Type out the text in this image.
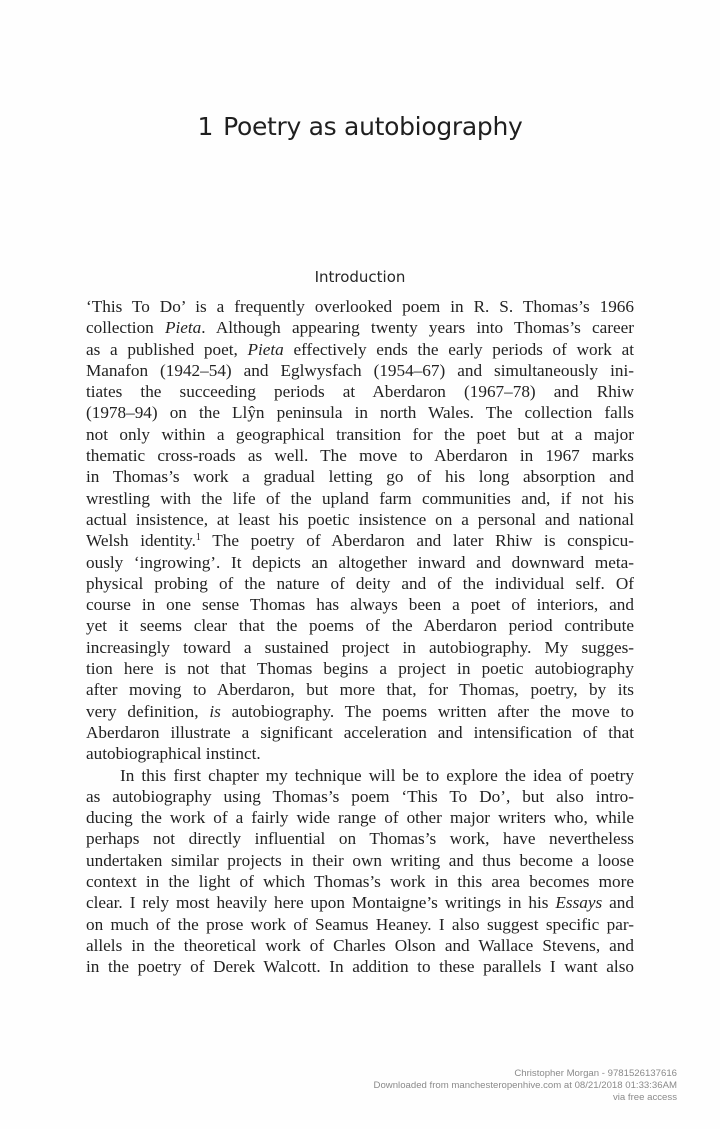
1 Poetry as autobiography
Introduction
‘This To Do’ is a frequently overlooked poem in R. S. Thomas’s 1966
collection Pieta. Although appearing twenty years into Thomas’s career
as a published poet, Pieta effectively ends the early periods of work at
Manafon (1942–54) and Eglwysfach (1954–67) and simultaneously ini-
tiates the succeeding periods at Aberdaron (1967–78) and Rhiw
(1978–94) on the Llŷn peninsula in north Wales. The collection falls
not only within a geographical transition for the poet but at a major
thematic cross-roads as well. The move to Aberdaron in 1967 marks
in Thomas’s work a gradual letting go of his long absorption and
wrestling with the life of the upland farm communities and, if not his
actual insistence, at least his poetic insistence on a personal and national
Welsh identity.$^1$ The poetry of Aberdaron and later Rhiw is conspicu-
ously ‘ingrowing’. It depicts an altogether inward and downward meta-
physical probing of the nature of deity and of the individual self. Of
course in one sense Thomas has always been a poet of interiors, and
yet it seems clear that the poems of the Aberdaron period contribute
increasingly toward a sustained project in autobiography. My sugges-
tion here is not that Thomas begins a project in poetic autobiography
after moving to Aberdaron, but more that, for Thomas, poetry, by its
very definition, is autobiography. The poems written after the move to
Aberdaron illustrate a significant acceleration and intensification of that
autobiographical instinct.
In this first chapter my technique will be to explore the idea of poetry
as autobiography using Thomas’s poem ‘This To Do’, but also intro-
ducing the work of a fairly wide range of other major writers who, while
perhaps not directly influential on Thomas’s work, have nevertheless
undertaken similar projects in their own writing and thus become a loose
context in the light of which Thomas’s work in this area becomes more
clear. I rely most heavily here upon Montaigne’s writings in his Essays and
on much of the prose work of Seamus Heaney. I also suggest specific par-
allels in the theoretical work of Charles Olson and Wallace Stevens, and
in the poetry of Derek Walcott. In addition to these parallels I want also
Christopher Morgan - 9781526137616
Downloaded from manchesteropenhive.com at 08/21/2018 01:33:36AM
via free access
